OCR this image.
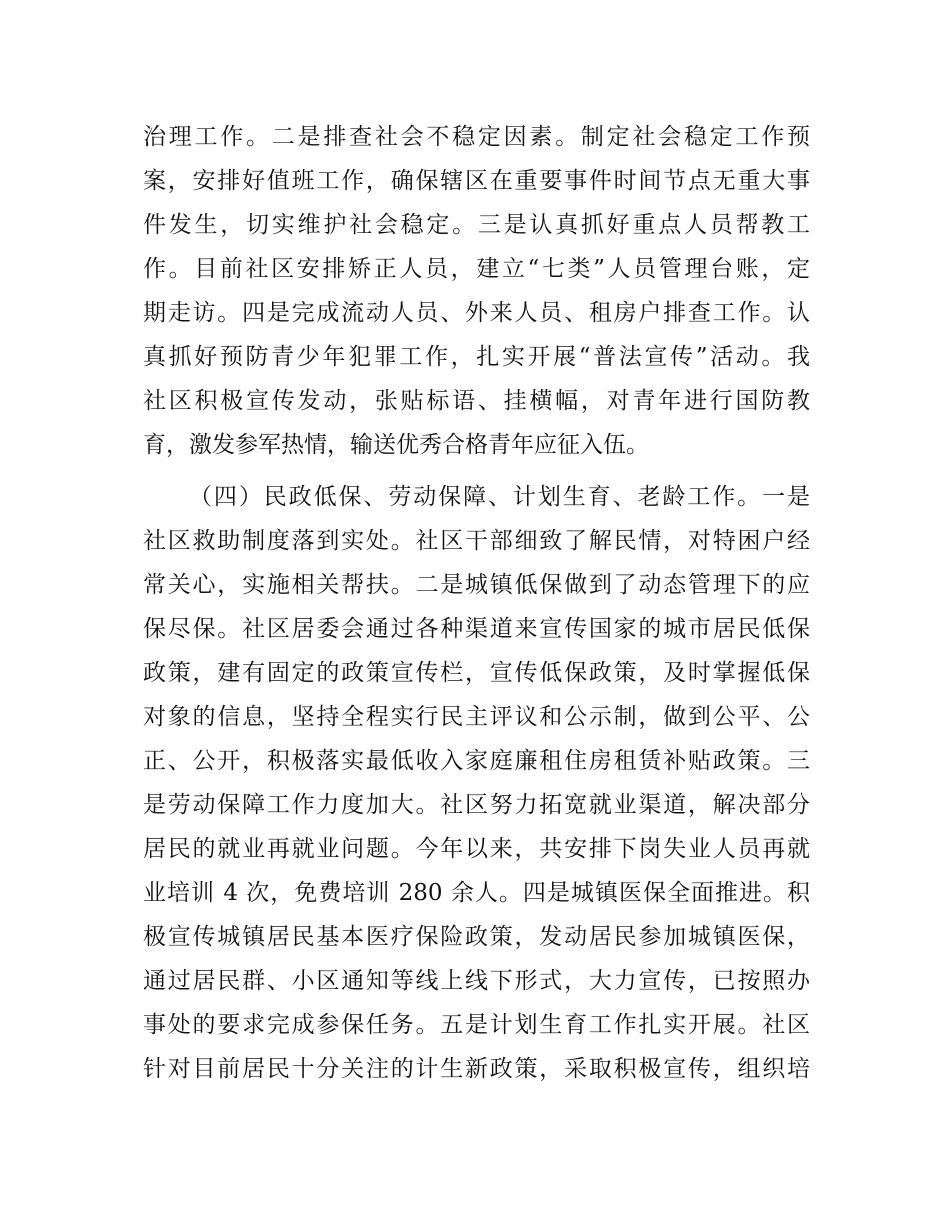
治理工作。二是排查社会不稳定因素。制定社会稳定工作预
案，安排好值班工作，确保辖区在重要事件时间节点无重大事
件发生，切实维护社会稳定。三是认真抓好重点人员帮教工
作。目前社区安排矫正人员，建立“七类”人员管理台账，定
期走访。四是完成流动人员、外来人员、租房户排查工作。认
真抓好预防青少年犯罪工作，扎实开展“普法宣传”活动。我
社区积极宣传发动，张贴标语、挂横幅，对青年进行国防教
育，激发参军热情，输送优秀合格青年应征入伍。
（四）民政低保、劳动保障、计划生育、老龄工作。一是
社区救助制度落到实处。社区干部细致了解民情，对特困户经
常关心，实施相关帮扶。二是城镇低保做到了动态管理下的应
保尽保。社区居委会通过各种渠道来宣传国家的城市居民低保
政策，建有固定的政策宣传栏，宣传低保政策，及时掌握低保
对象的信息，坚持全程实行民主评议和公示制，做到公平、公
正、公开，积极落实最低收入家庭廉租住房租赁补贴政策。三
是劳动保障工作力度加大。社区努力拓宽就业渠道，解决部分
居民的就业再就业问题。今年以来，共安排下岗失业人员再就
业培训 4 次，免费培训 280 余人。四是城镇医保全面推进。积
极宣传城镇居民基本医疗保险政策，发动居民参加城镇医保，
通过居民群、小区通知等线上线下形式，大力宣传，已按照办
事处的要求完成参保任务。五是计划生育工作扎实开展。社区
针对目前居民十分关注的计生新政策，采取积极宣传，组织培
